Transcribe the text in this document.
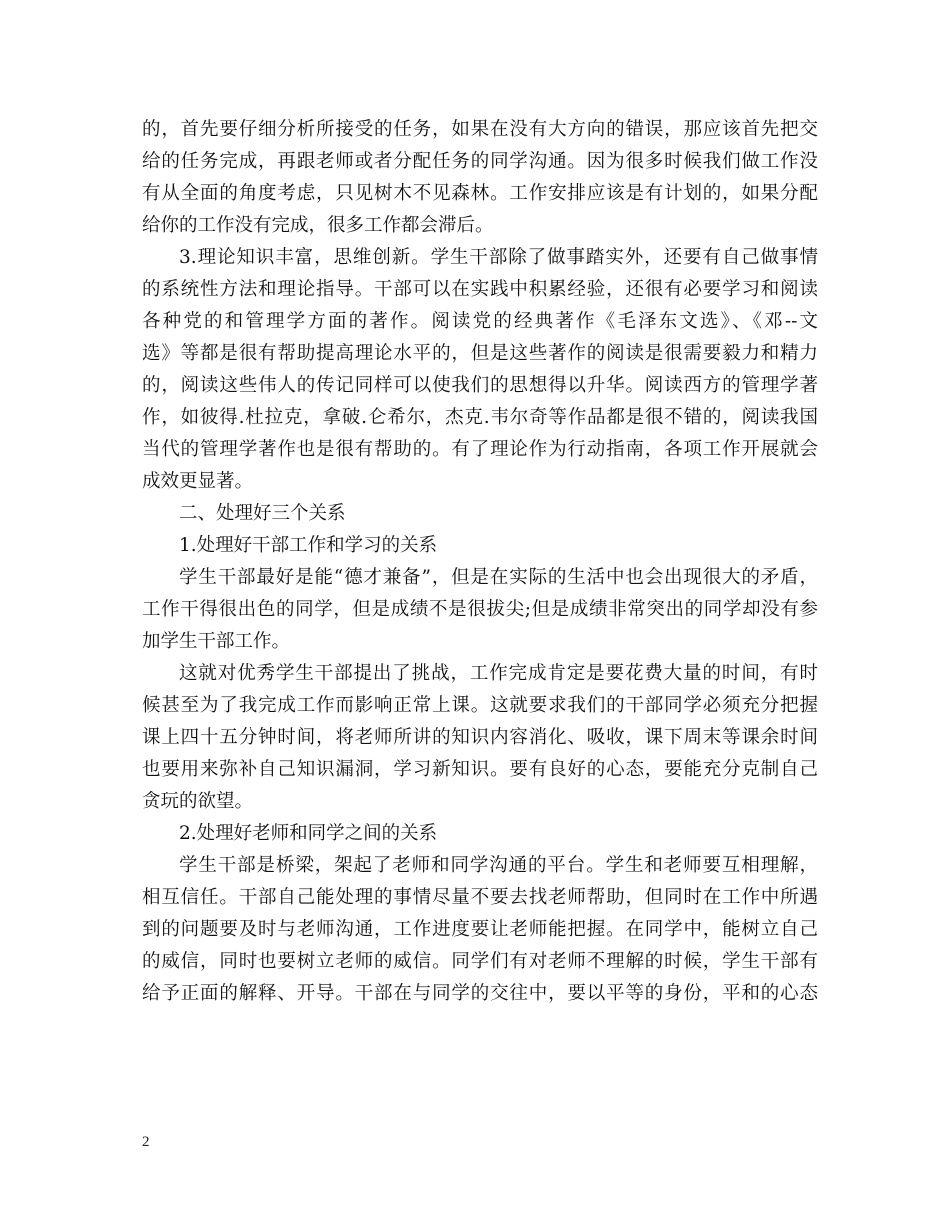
的，首先要仔细分析所接受的任务，如果在没有大方向的错误，那应该首先把交
给的任务完成，再跟老师或者分配任务的同学沟通。因为很多时候我们做工作没
有从全面的角度考虑，只见树木不见森林。工作安排应该是有计划的，如果分配
给你的工作没有完成，很多工作都会滞后。
3.理论知识丰富，思维创新。学生干部除了做事踏实外，还要有自己做事情
的系统性方法和理论指导。干部可以在实践中积累经验，还很有必要学习和阅读
各种党的和管理学方面的著作。阅读党的经典著作《毛泽东文选》、《邓--文
选》等都是很有帮助提高理论水平的，但是这些著作的阅读是很需要毅力和精力
的，阅读这些伟人的传记同样可以使我们的思想得以升华。阅读西方的管理学著
作，如彼得.杜拉克，拿破.仑希尔，杰克.韦尔奇等作品都是很不错的，阅读我国
当代的管理学著作也是很有帮助的。有了理论作为行动指南，各项工作开展就会
成效更显著。
二、处理好三个关系
1.处理好干部工作和学习的关系
学生干部最好是能“德才兼备”，但是在实际的生活中也会出现很大的矛盾，
工作干得很出色的同学，但是成绩不是很拔尖;但是成绩非常突出的同学却没有参
加学生干部工作。
这就对优秀学生干部提出了挑战，工作完成肯定是要花费大量的时间，有时
候甚至为了我完成工作而影响正常上课。这就要求我们的干部同学必须充分把握
课上四十五分钟时间，将老师所讲的知识内容消化、吸收，课下周末等课余时间
也要用来弥补自己知识漏洞，学习新知识。要有良好的心态，要能充分克制自己
贪玩的欲望。
2.处理好老师和同学之间的关系
学生干部是桥梁，架起了老师和同学沟通的平台。学生和老师要互相理解，
相互信任。干部自己能处理的事情尽量不要去找老师帮助，但同时在工作中所遇
到的问题要及时与老师沟通，工作进度要让老师能把握。在同学中，能树立自己
的威信，同时也要树立老师的威信。同学们有对老师不理解的时候，学生干部有
给予正面的解释、开导。干部在与同学的交往中，要以平等的身份，平和的心态
2
